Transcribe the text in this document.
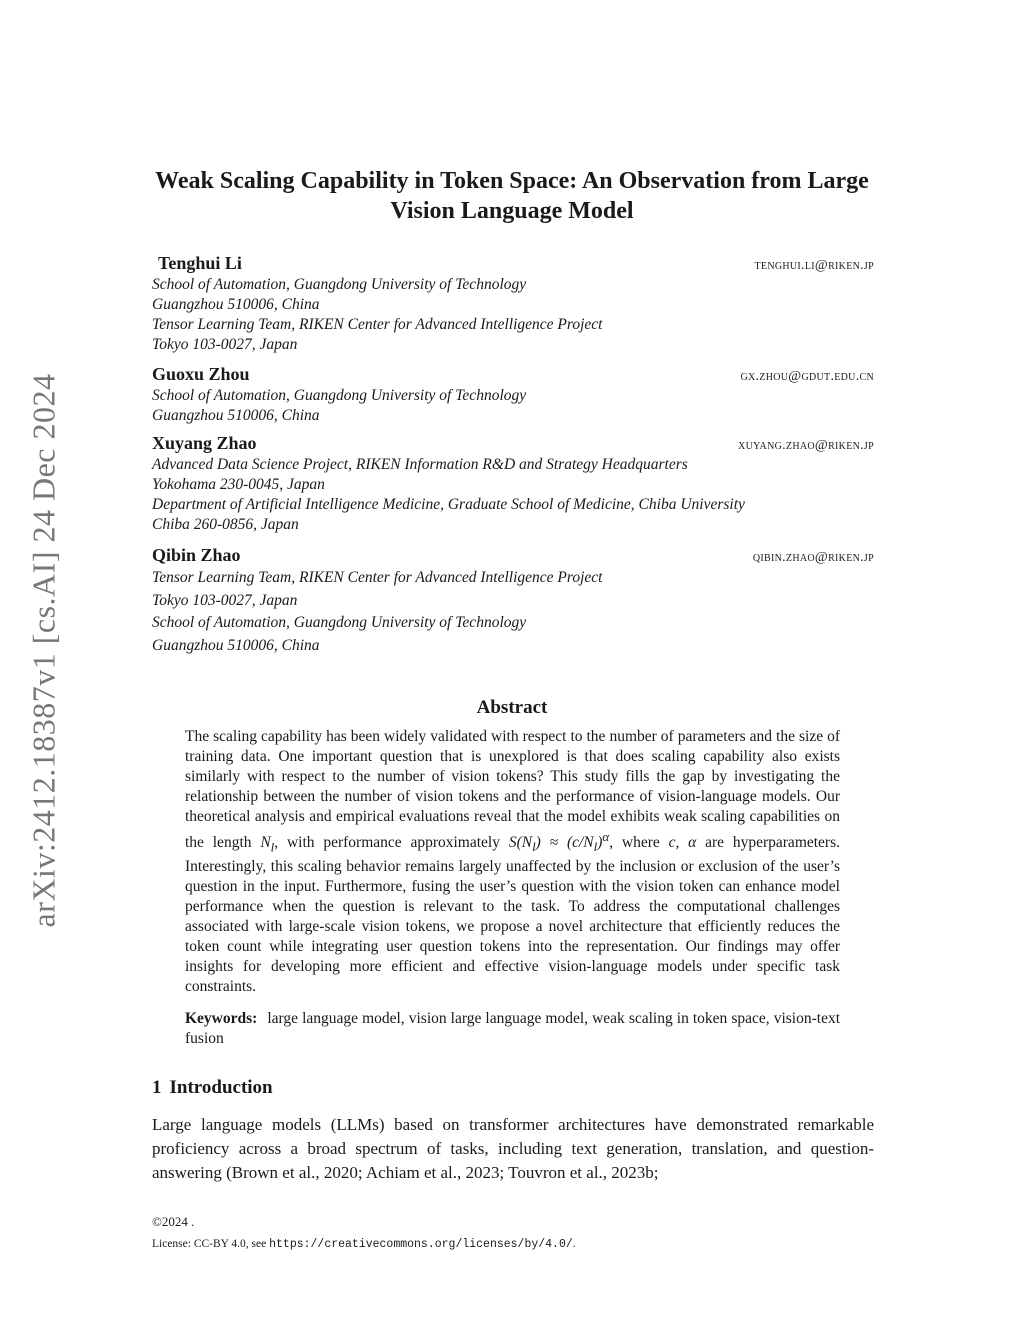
arXiv:2412.18387v1 [cs.AI] 24 Dec 2024
Weak Scaling Capability in Token Space: An Observation from Large Vision Language Model
Tenghui Li	tenghui.li@riken.jp
School of Automation, Guangdong University of Technology
Guangzhou 510006, China
Tensor Learning Team, RIKEN Center for Advanced Intelligence Project
Tokyo 103-0027, Japan
Guoxu Zhou	gx.zhou@gdut.edu.cn
School of Automation, Guangdong University of Technology
Guangzhou 510006, China
Xuyang Zhao	xuyang.zhao@riken.jp
Advanced Data Science Project, RIKEN Information R&D and Strategy Headquarters
Yokohama 230-0045, Japan
Department of Artificial Intelligence Medicine, Graduate School of Medicine, Chiba University
Chiba 260-0856, Japan
Qibin Zhao	qibin.zhao@riken.jp
Tensor Learning Team, RIKEN Center for Advanced Intelligence Project
Tokyo 103-0027, Japan
School of Automation, Guangdong University of Technology
Guangzhou 510006, China
Abstract

The scaling capability has been widely validated with respect to the number of parameters and the size of training data. One important question that is unexplored is that does scaling capability also exists similarly with respect to the number of vision tokens? This study fills the gap by investigating the relationship between the number of vision tokens and the performance of vision-language models. Our theoretical analysis and empirical evaluations reveal that the model exhibits weak scaling capabilities on the length $N_l$, with performance approximately $S(N_l) \approx (c/N_l)^\alpha$, where c, α are hyperparameters. Interestingly, this scaling behavior remains largely unaffected by the inclusion or exclusion of the user’s question in the input. Furthermore, fusing the user’s question with the vision token can enhance model performance when the question is relevant to the task. To address the computational challenges associated with large-scale vision tokens, we propose a novel architecture that efficiently reduces the token count while integrating user question tokens into the representation. Our findings may offer insights for developing more efficient and effective vision-language models under specific task constraints.

Keywords: large language model, vision large language model, weak scaling in token space, vision-text fusion

1 Introduction

Large language models (LLMs) based on transformer architectures have demonstrated remarkable proficiency across a broad spectrum of tasks, including text generation, translation, and question-answering (Brown et al., 2020; Achiam et al., 2023; Touvron et al., 2023b;

©2024 .
License: CC-BY 4.0, see https://creativecommons.org/licenses/by/4.0/.
